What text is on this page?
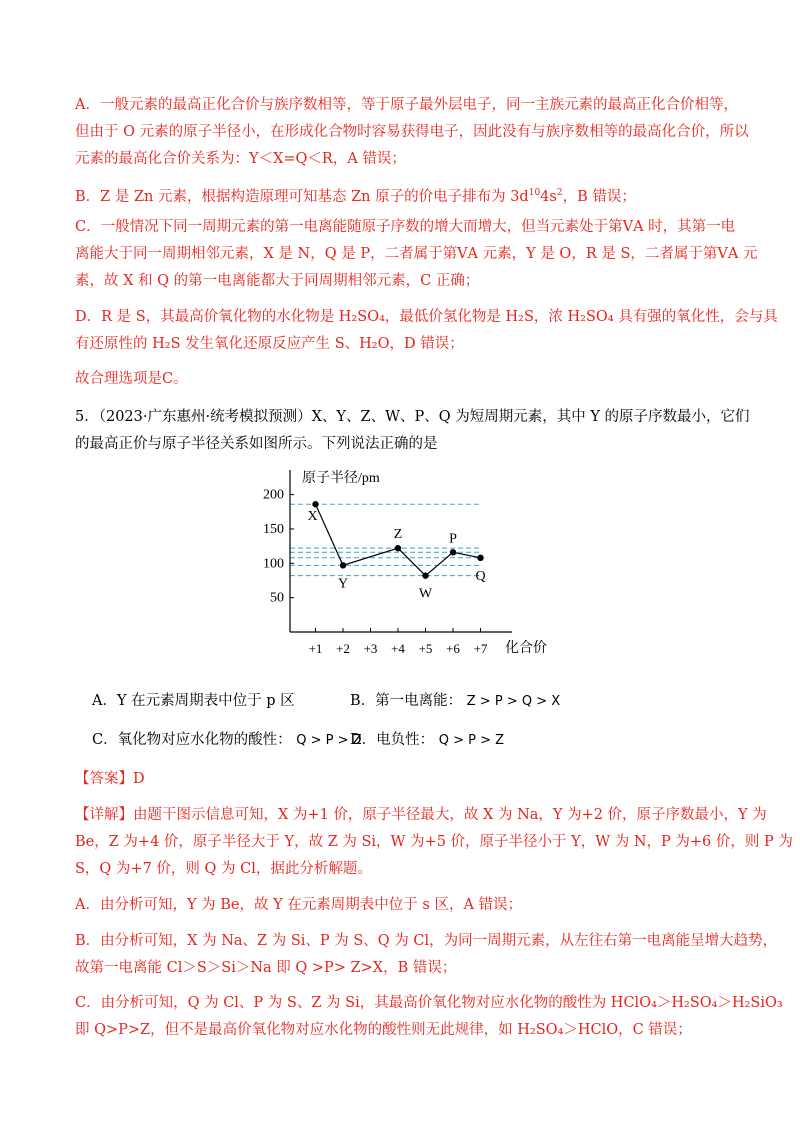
A．一般元素的最高正化合价与族序数相等，等于原子最外层电子，同一主族元素的最高正化合价相等，
但由于 O 元素的原子半径小，在形成化合物时容易获得电子，因此没有与族序数相等的最高化合价，所以
元素的最高化合价关系为：Y＜X=Q＜R，A 错误；
B．Z 是 Zn 元素，根据构造原理可知基态 Zn 原子的价电子排布为 $3d^{10}4s^2$，B 错误；
C．一般情况下同一周期元素的第一电离能随原子序数的增大而增大，但当元素处于第ⅤA 时，其第一电
离能大于同一周期相邻元素，X 是 N，Q 是 P，二者属于第ⅤA 元素，Y 是 O，R 是 S，二者属于第ⅤA 元
素，故 X 和 Q 的第一电离能都大于同周期相邻元素，C 正确；
D．R 是 S，其最高价氧化物的水化物是 H₂SO₄，最低价氢化物是 H₂S，浓 H₂SO₄ 具有强的氧化性，会与具
有还原性的 H₂S 发生氧化还原反应产生 S、H₂O，D 错误；
故合理选项是C。
5．（2023·广东惠州·统考模拟预测）X、Y、Z、W、P、Q 为短周期元素，其中 Y 的原子序数最小，它们
的最高正价与原子半径关系如图所示。下列说法正确的是
原子半径/pm
化合价
50
100
150
200
+1 +2 +3 +4 +5 +6 +7
X
Y
Z
W
P
Q
A．Y 在元素周期表中位于 p 区	B．第一电离能： Z > P > Q > X
C．氧化物对应水化物的酸性： Q > P > Z
D．电负性： Q > P > Z
【答案】D
【详解】由题干图示信息可知，X 为+1 价，原子半径最大，故 X 为 Na，Y 为+2 价，原子序数最小，Y 为
Be，Z 为+4 价，原子半径大于 Y，故 Z 为 Si，W 为+5 价，原子半径小于 Y，W 为 N，P 为+6 价，则 P 为
S，Q 为+7 价，则 Q 为 Cl，据此分析解题。
A．由分析可知，Y 为 Be，故 Y 在元素周期表中位于 s 区，A 错误；
B．由分析可知，X 为 Na、Z 为 Si、P 为 S、Q 为 Cl，为同一周期元素，从左往右第一电离能呈增大趋势，
故第一电离能 Cl＞S＞Si＞Na 即 Q >P> Z>X，B 错误；
C．由分析可知，Q 为 Cl、P 为 S、Z 为 Si，其最高价氧化物对应水化物的酸性为 HClO₄＞H₂SO₄＞H₂SiO₃
即 Q>P>Z，但不是最高价氧化物对应水化物的酸性则无此规律，如 H₂SO₄＞HClO，C 错误；
